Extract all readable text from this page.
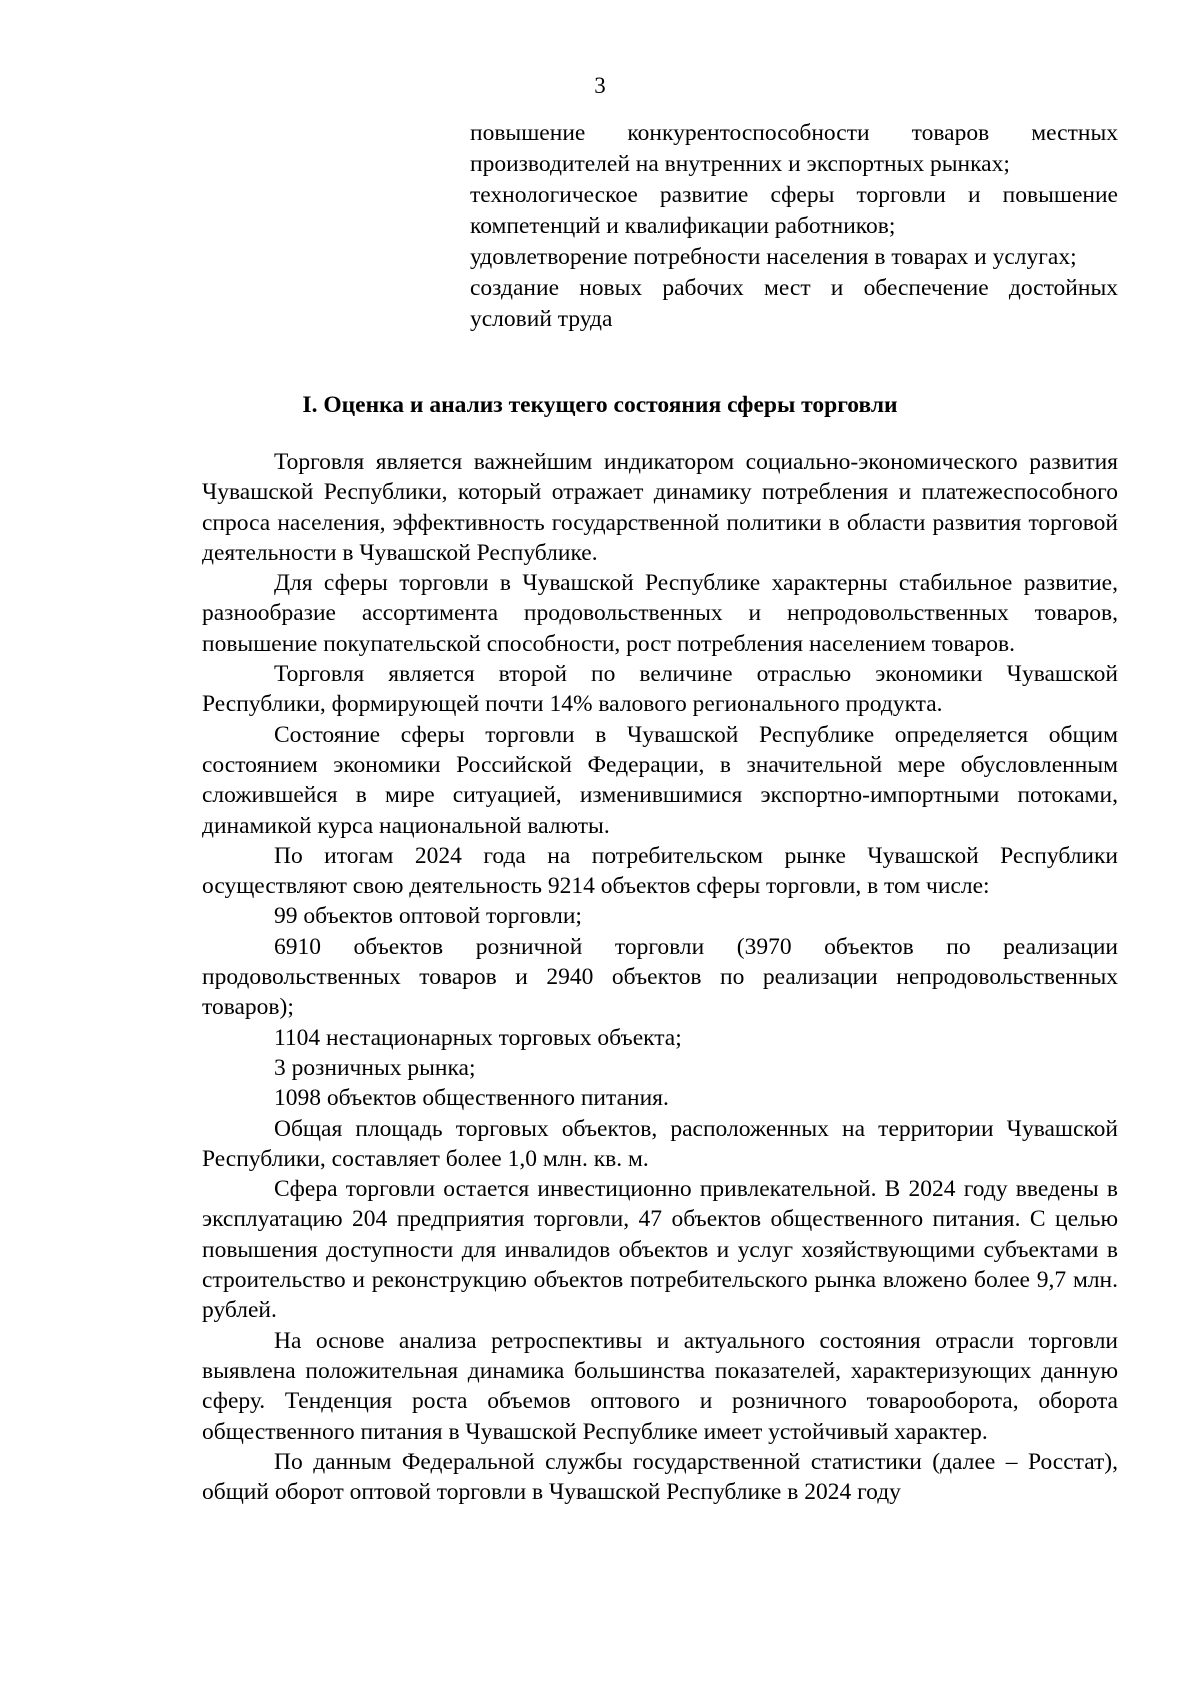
3

повышение конкурентоспособности товаров местных производителей на внутренних и экспортных рынках;

технологическое развитие сферы торговли и повышение компетенций и квалификации работников;

удовлетворение потребности населения в товарах и услугах;

создание новых рабочих мест и обеспечение достойных условий труда

I. Оценка и анализ текущего состояния сферы торговли

Торговля является важнейшим индикатором социально-экономического развития Чувашской Республики, который отражает динамику потребления и платежеспособного спроса населения, эффективность государственной политики в области развития торговой деятельности в Чувашской Республике.

Для сферы торговли в Чувашской Республике характерны стабильное развитие, разнообразие ассортимента продовольственных и непродовольственных товаров, повышение покупательской способности, рост потребления населением товаров.

Торговля является второй по величине отраслью экономики Чувашской Республики, формирующей почти 14% валового регионального продукта.

Состояние сферы торговли в Чувашской Республике определяется общим состоянием экономики Российской Федерации, в значительной мере обусловленным сложившейся в мире ситуацией, изменившимися экспортно-импортными потоками, динамикой курса национальной валюты.

По итогам 2024 года на потребительском рынке Чувашской Республики осуществляют свою деятельность 9214 объектов сферы торговли, в том числе:

99 объектов оптовой торговли;

6910 объектов розничной торговли (3970 объектов по реализации продовольственных товаров и 2940 объектов по реализации непродовольственных товаров);

1104 нестационарных торговых объекта;

3 розничных рынка;

1098 объектов общественного питания.

Общая площадь торговых объектов, расположенных на территории Чувашской Республики, составляет более 1,0 млн. кв. м.

Сфера торговли остается инвестиционно привлекательной. В 2024 году введены в эксплуатацию 204 предприятия торговли, 47 объектов общественного питания. С целью повышения доступности для инвалидов объектов и услуг хозяйствующими субъектами в строительство и реконструкцию объектов потребительского рынка вложено более 9,7 млн. рублей.

На основе анализа ретроспективы и актуального состояния отрасли торговли выявлена положительная динамика большинства показателей, характеризующих данную сферу. Тенденция роста объемов оптового и розничного товарооборота, оборота общественного питания в Чувашской Республике имеет устойчивый характер.

По данным Федеральной службы государственной статистики (далее – Росстат), общий оборот оптовой торговли в Чувашской Республике в 2024 году
